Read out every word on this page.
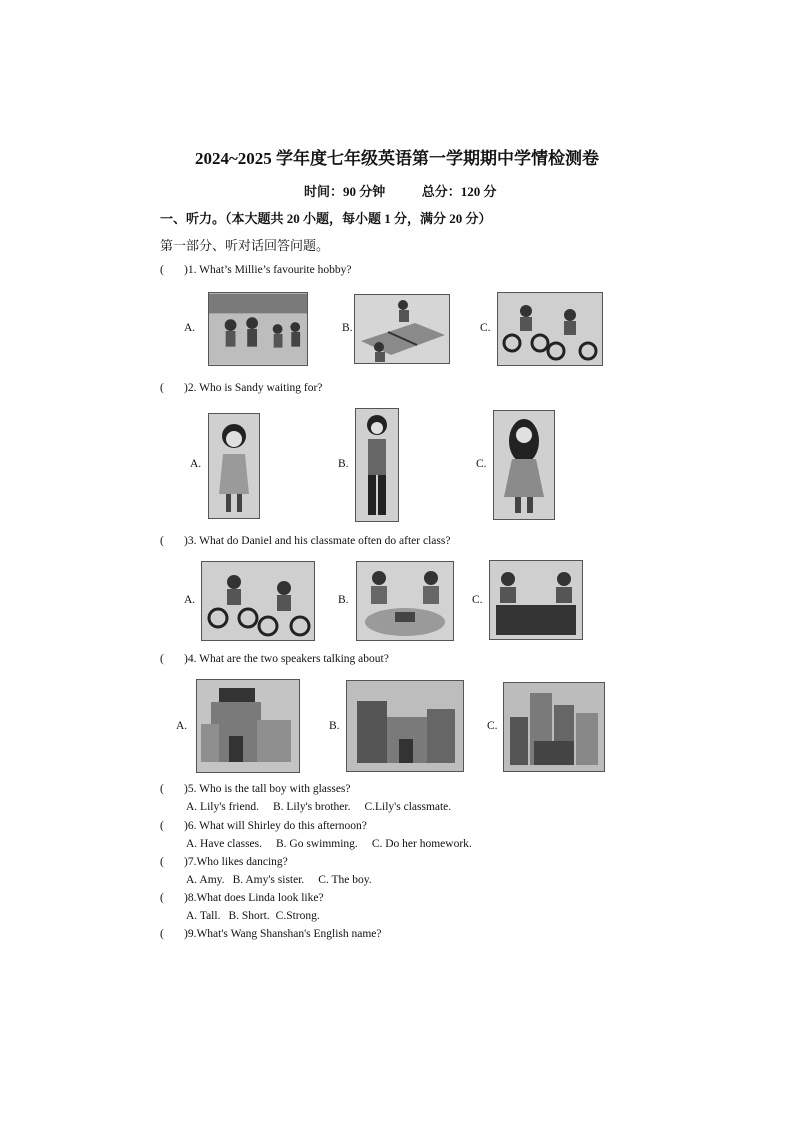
2024~2025 学年度七年级英语第一学期期中学情检测卷
时间：90 分钟	总分：120 分
一、听力。（本大题共 20 小题，每小题 1 分，满分 20 分）
第一部分、听对话回答问题。
( )1. What’s Millie’s favourite hobby?
A.	B.	C.
( )2. Who is Sandy waiting for?
A.	B.	C.
( )3. What do Daniel and his classmate often do after class?
A.	B.	C.
( )4. What are the two speakers talking about?
A.	B.	C.
( )5. Who is the tall boy with glasses?
A. Lily's friend. B. Lily's brother. C.Lily's classmate.
( )6. What will Shirley do this afternoon?
A. Have classes. B. Go swimming. C. Do her homework.
( )7.Who likes dancing?
A. Amy. B. Amy's sister. C. The boy.
( )8.What does Linda look like?
A. Tall. B. Short. C.Strong.
( )9.What's Wang Shanshan's English name?
